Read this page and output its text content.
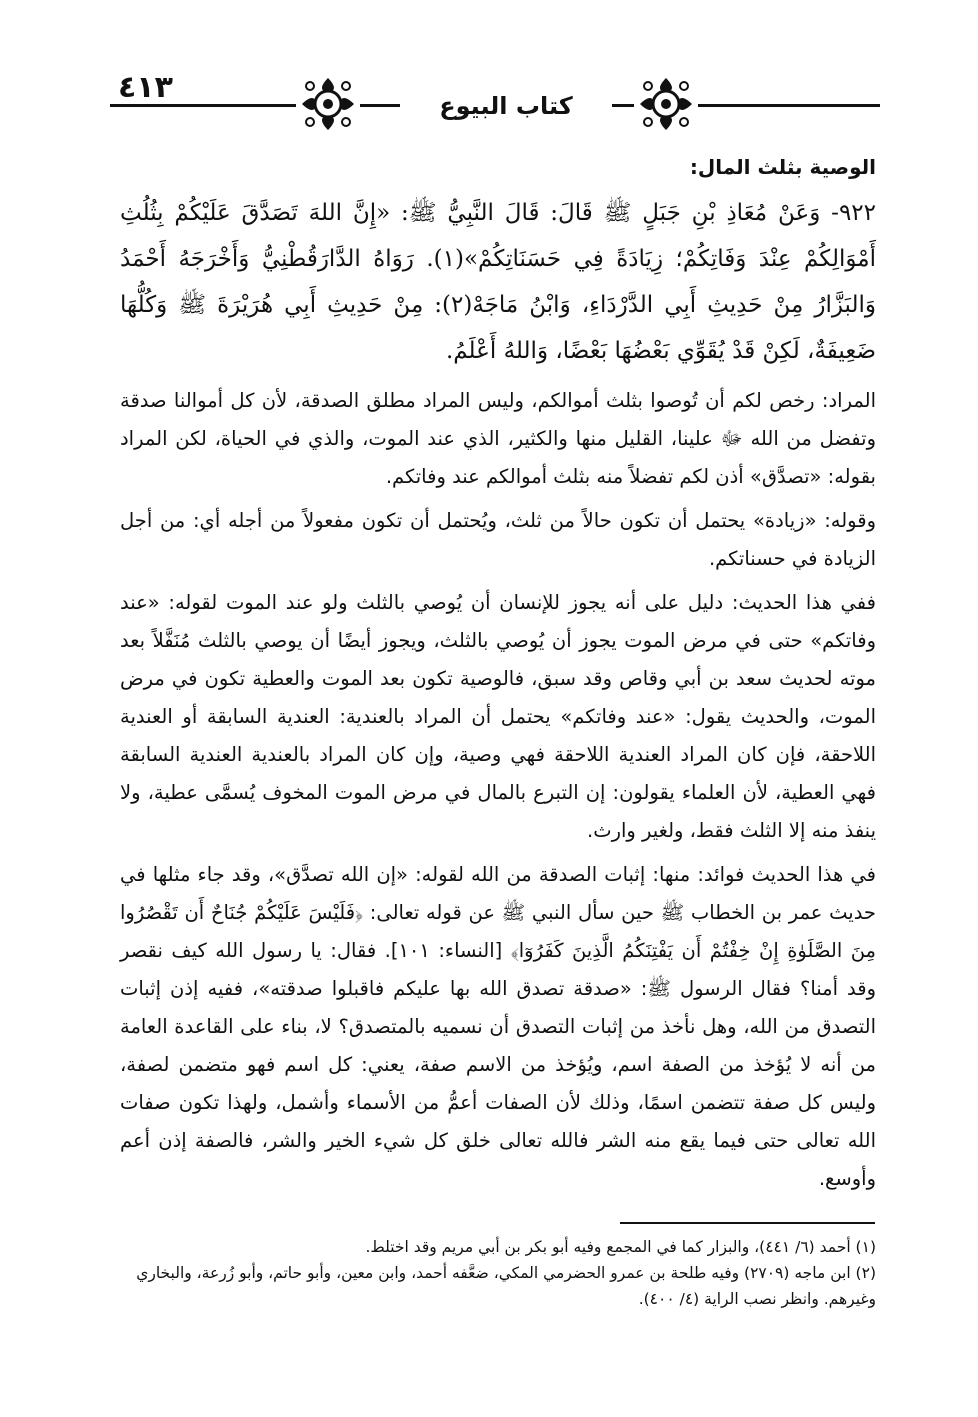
٤١٣
كتاب البيوع
الوصية بثلث المال:
٩٢٢- وَعَنْ مُعَاذِ بْنِ جَبَلٍ ﷺ قَالَ: قَالَ النَّبِيُّ ﷺ: «إِنَّ اللهَ تَصَدَّقَ عَلَيْكُمْ بِثُلُثِ أَمْوَالِكُمْ عِنْدَ وَفَاتِكُمْ؛ زِيَادَةً فِي حَسَنَاتِكُمْ»(١). رَوَاهُ الدَّارَقُطْنِيُّ وَأَخْرَجَهُ أَحْمَدُ وَالبَزَّارُ مِنْ حَدِيثِ أَبِي الدَّرْدَاءِ، وَابْنُ مَاجَهْ(٢): مِنْ حَدِيثِ أَبِي هُرَيْرَةَ ﷺ وَكُلُّهَا ضَعِيفَةٌ، لَكِنْ قَدْ يُقَوِّي بَعْضُهَا بَعْضًا، وَاللهُ أَعْلَمُ.

المراد: رخص لكم أن تُوصوا بثلث أموالكم، وليس المراد مطلق الصدقة، لأن كل أموالنا صدقة وتفضل من الله ﷻ علينا، القليل منها والكثير، الذي عند الموت، والذي في الحياة، لكن المراد بقوله: «تصدَّق» أذن لكم تفضلاً منه بثلث أموالكم عند وفاتكم.

وقوله: «زيادة» يحتمل أن تكون حالاً من ثلث، ويُحتمل أن تكون مفعولاً من أجله أي: من أجل الزيادة في حسناتكم.

ففي هذا الحديث: دليل على أنه يجوز للإنسان أن يُوصي بالثلث ولو عند الموت لقوله: «عند وفاتكم» حتى في مرض الموت يجوز أن يُوصي بالثلث، ويجوز أيضًا أن يوصي بالثلث مُنَفَّلاً بعد موته لحديث سعد بن أبي وقاص وقد سبق، فالوصية تكون بعد الموت والعطية تكون في مرض الموت، والحديث يقول: «عند وفاتكم» يحتمل أن المراد بالعندية: العندية السابقة أو العندية اللاحقة، فإن كان المراد العندية اللاحقة فهي وصية، وإن كان المراد بالعندية العندية السابقة فهي العطية، لأن العلماء يقولون: إن التبرع بالمال في مرض الموت المخوف يُسمَّى عطية، ولا ينفذ منه إلا الثلث فقط، ولغير وارث.

في هذا الحديث فوائد: منها: إثبات الصدقة من الله لقوله: «إن الله تصدَّق»، وقد جاء مثلها في حديث عمر بن الخطاب ﷺ حين سأل النبي ﷺ عن قوله تعالى: ﴿فَلَيْسَ عَلَيْكُمْ جُنَاحٌ أَن تَقْصُرُوا مِنَ الصَّلَوٰةِ إِنْ خِفْتُمْ أَن يَفْتِنَكُمُ الَّذِينَ كَفَرُوٓا﴾ [النساء: ١٠١]. فقال: يا رسول الله كيف نقصر وقد أمنا؟ فقال الرسول ﷺ: «صدقة تصدق الله بها عليكم فاقبلوا صدقته»، ففيه إذن إثبات التصدق من الله، وهل نأخذ من إثبات التصدق أن نسميه بالمتصدق؟ لا، بناء على القاعدة العامة من أنه لا يُؤخذ من الصفة اسم، ويُؤخذ من الاسم صفة، يعني: كل اسم فهو متضمن لصفة، وليس كل صفة تتضمن اسمًا، وذلك لأن الصفات أعمُّ من الأسماء وأشمل، ولهذا تكون صفات الله تعالى حتى فيما يقع منه الشر فالله تعالى خلق كل شيء الخير والشر، فالصفة إذن أعم وأوسع.

(١) أحمد (٦/ ٤٤١)، والبزار كما في المجمع وفيه أبو بكر بن أبي مريم وقد اختلط.

(٢) ابن ماجه (٢٧٠٩) وفيه طلحة بن عمرو الحضرمي المكي، ضعَّفه أحمد، وابن معين، وأبو حاتم، وأبو زُرعة، والبخاري وغيرهم. وانظر نصب الراية (٤/ ٤٠٠).
